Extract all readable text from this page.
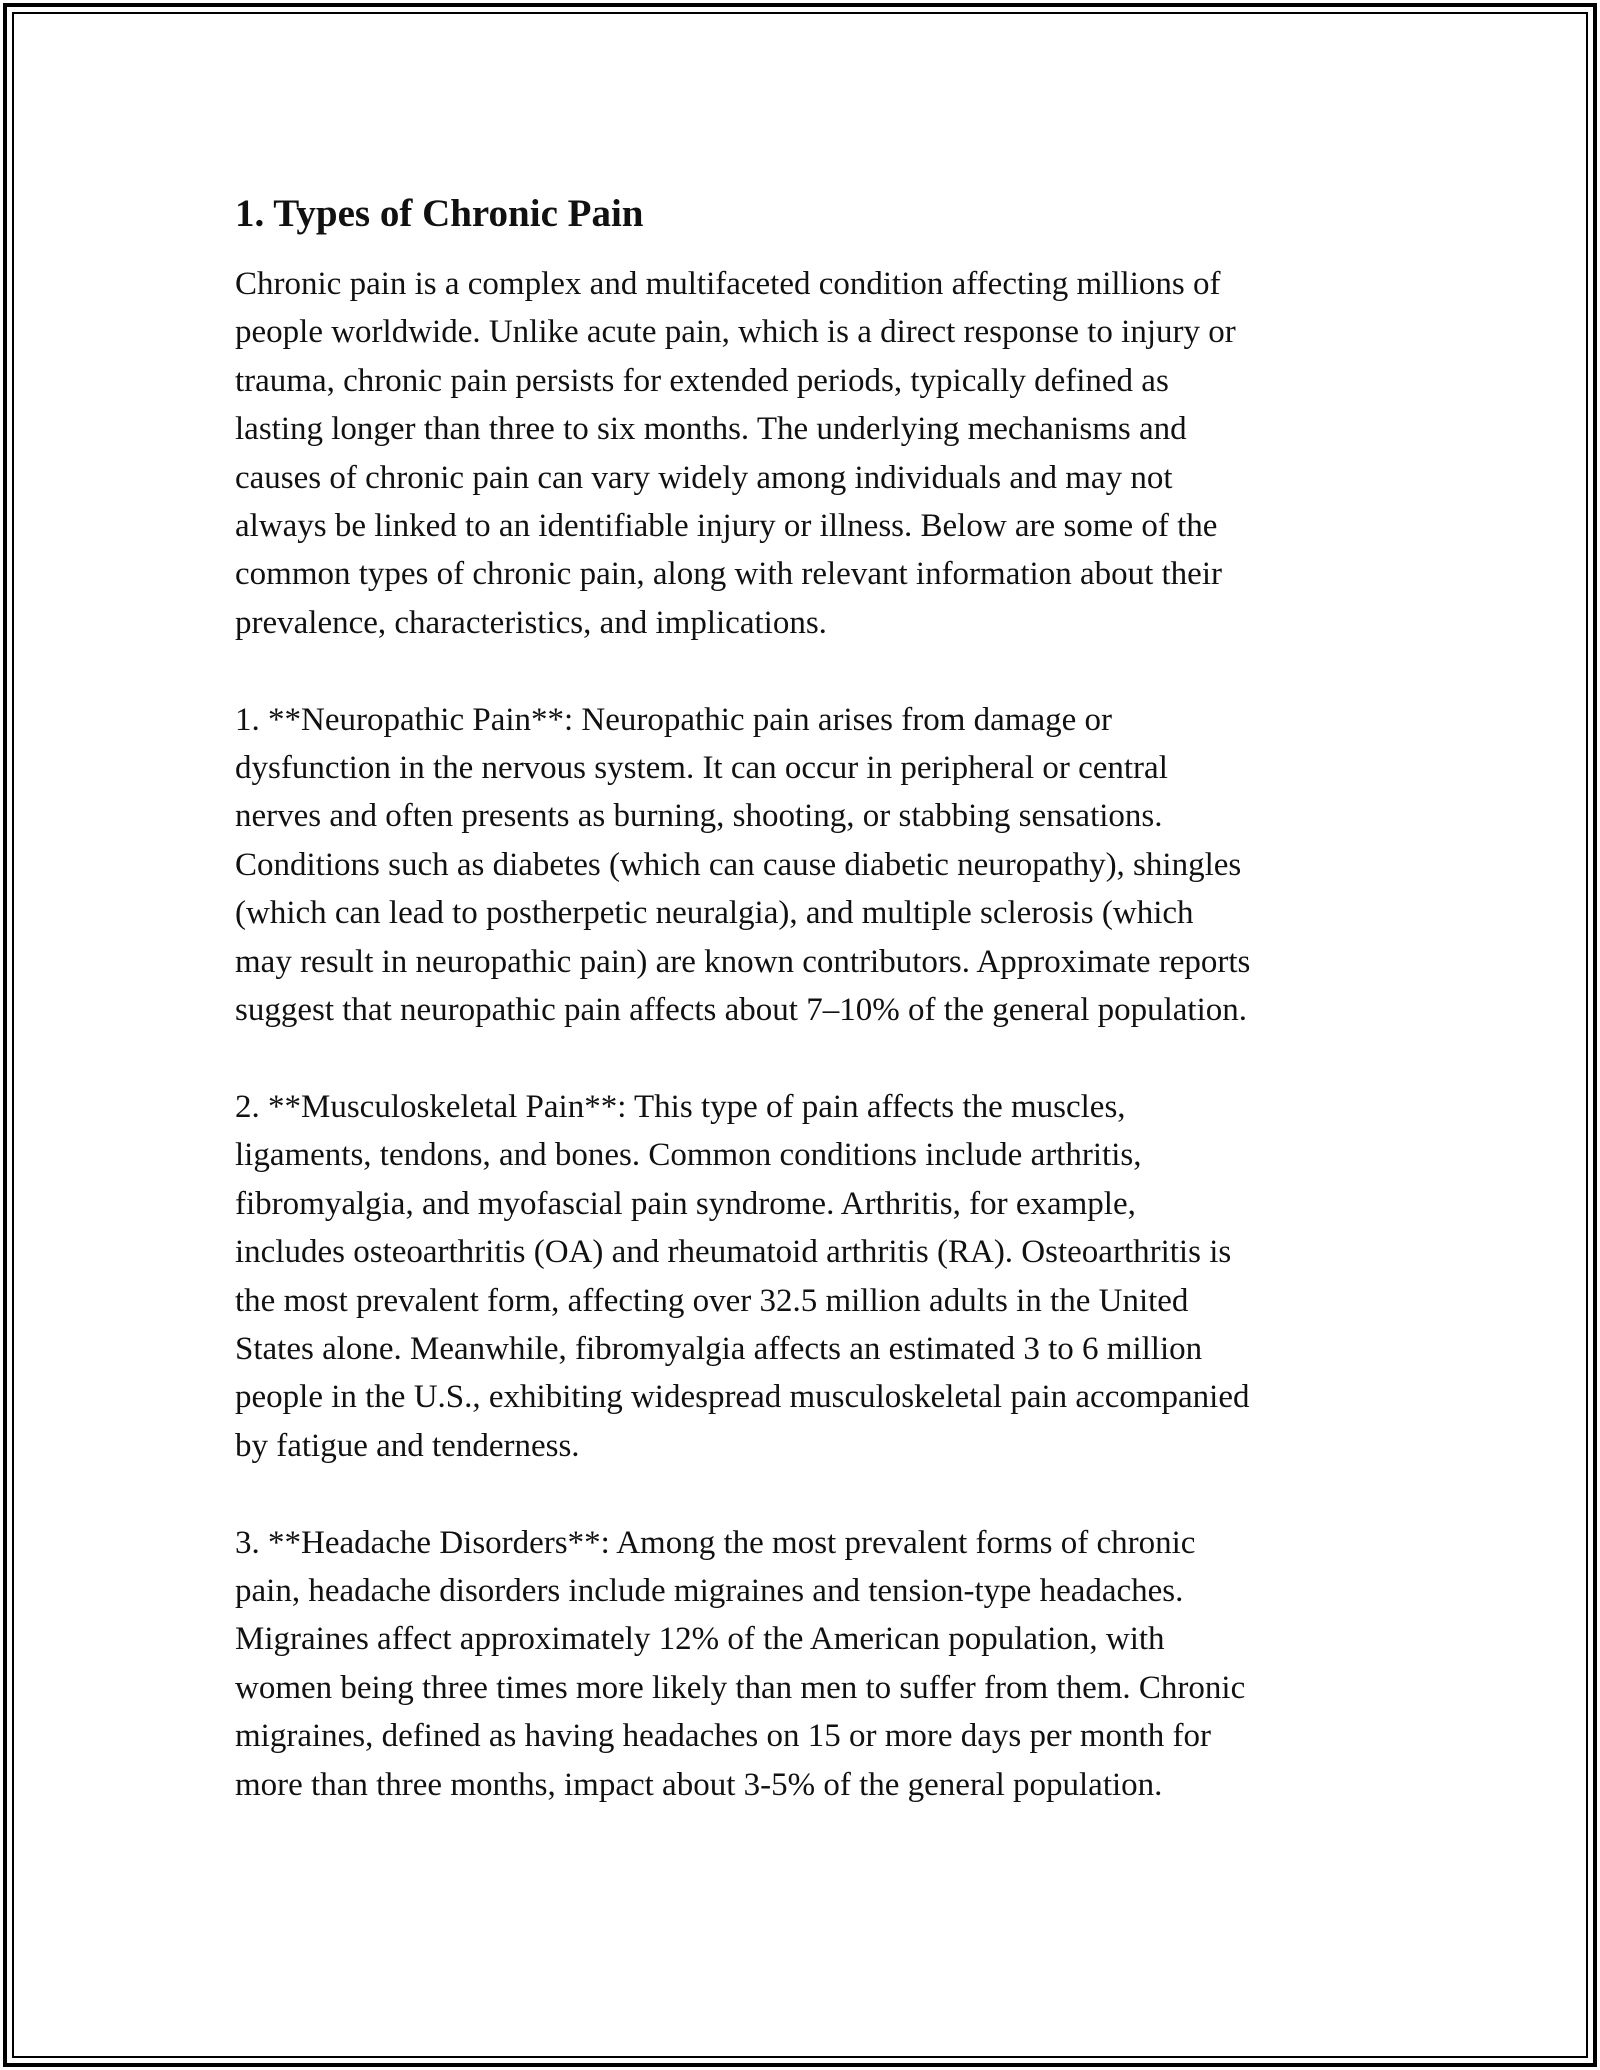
1. Types of Chronic Pain

Chronic pain is a complex and multifaceted condition affecting millions of
people worldwide. Unlike acute pain, which is a direct response to injury or
trauma, chronic pain persists for extended periods, typically defined as
lasting longer than three to six months. The underlying mechanisms and
causes of chronic pain can vary widely among individuals and may not
always be linked to an identifiable injury or illness. Below are some of the
common types of chronic pain, along with relevant information about their
prevalence, characteristics, and implications.

1. **Neuropathic Pain**: Neuropathic pain arises from damage or
dysfunction in the nervous system. It can occur in peripheral or central
nerves and often presents as burning, shooting, or stabbing sensations.
Conditions such as diabetes (which can cause diabetic neuropathy), shingles
(which can lead to postherpetic neuralgia), and multiple sclerosis (which
may result in neuropathic pain) are known contributors. Approximate reports
suggest that neuropathic pain affects about 7–10% of the general population.

2. **Musculoskeletal Pain**: This type of pain affects the muscles,
ligaments, tendons, and bones. Common conditions include arthritis,
fibromyalgia, and myofascial pain syndrome. Arthritis, for example,
includes osteoarthritis (OA) and rheumatoid arthritis (RA). Osteoarthritis is
the most prevalent form, affecting over 32.5 million adults in the United
States alone. Meanwhile, fibromyalgia affects an estimated 3 to 6 million
people in the U.S., exhibiting widespread musculoskeletal pain accompanied
by fatigue and tenderness.

3. **Headache Disorders**: Among the most prevalent forms of chronic
pain, headache disorders include migraines and tension-type headaches.
Migraines affect approximately 12% of the American population, with
women being three times more likely than men to suffer from them. Chronic
migraines, defined as having headaches on 15 or more days per month for
more than three months, impact about 3-5% of the general population.
